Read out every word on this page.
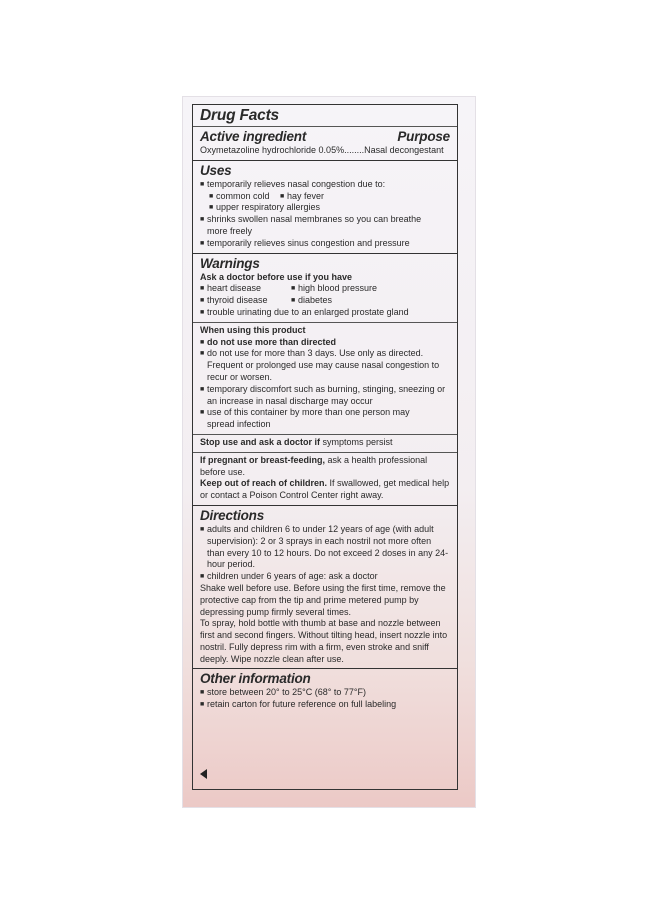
Drug Facts
Active ingredient	Purpose
Oxymetazoline hydrochloride 0.05%........Nasal decongestant
Uses
■ temporarily relieves nasal congestion due to:
■ common cold ■ hay fever
■ upper respiratory allergies
■ shrinks swollen nasal membranes so you can breathe more freely
■ temporarily relieves sinus congestion and pressure
Warnings
Ask a doctor before use if you have
■ heart disease	■ high blood pressure
■ thyroid disease	■ diabetes
■ trouble urinating due to an enlarged prostate gland
When using this product
■ do not use more than directed
■ do not use for more than 3 days. Use only as directed. Frequent or prolonged use may cause nasal congestion to recur or worsen.
■ temporary discomfort such as burning, stinging, sneezing or an increase in nasal discharge may occur
■ use of this container by more than one person may spread infection
Stop use and ask a doctor if symptoms persist
If pregnant or breast-feeding, ask a health professional before use.
Keep out of reach of children. If swallowed, get medical help or contact a Poison Control Center right away.
Directions
■ adults and children 6 to under 12 years of age (with adult supervision): 2 or 3 sprays in each nostril not more often than every 10 to 12 hours. Do not exceed 2 doses in any 24-hour period.
■ children under 6 years of age: ask a doctor
Shake well before use. Before using the first time, remove the protective cap from the tip and prime metered pump by depressing pump firmly several times.
To spray, hold bottle with thumb at base and nozzle between first and second fingers. Without tilting head, insert nozzle into nostril. Fully depress rim with a firm, even stroke and sniff deeply. Wipe nozzle clean after use.
Other information
■ store between 20° to 25°C (68° to 77°F)
■ retain carton for future reference on full labeling
